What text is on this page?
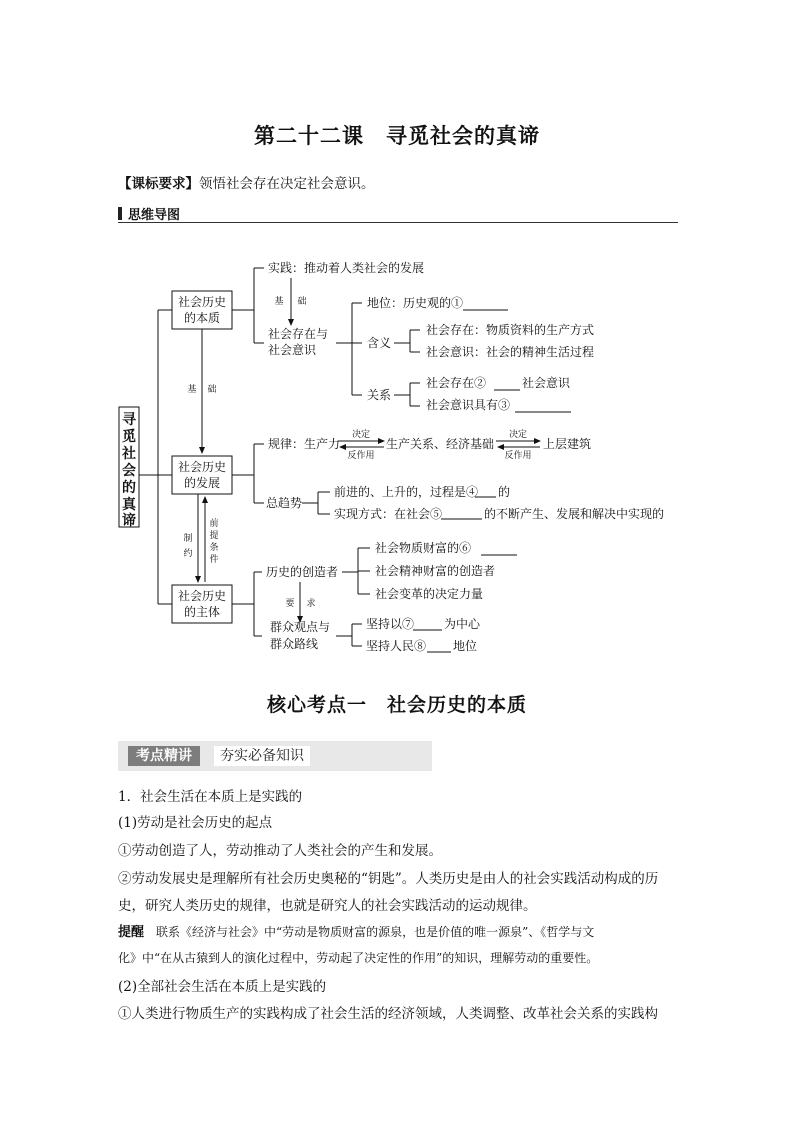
第二十二课　寻觅社会的真谛
【课标要求】领悟社会存在决定社会意识。
思维导图
寻
觅
社
会
的
真
谛
社会历史
的本质
社会历史
的发展
社会历史
的主体
实践：推动着人类社会的发展
基 础
社会存在与
社会意识
地位：历史观的①
含义
社会存在：物质资料的生产方式
社会意识：社会的精神生活过程
关系
社会存在②	社会意识
社会意识具有③
基 础
规律：生产力
决定
反作用
生产关系、经济基础
决定
反作用
上层建筑
总趋势
前进的、上升的，过程是④ 的
实现方式：在社会⑤	的不断产生、发展和解决中实现的
制
约
前
提
条
件
历史的创造者
社会物质财富的⑥
社会精神财富的创造者
社会变革的决定力量
要 求
群众观点与
群众路线
坚持以⑦ 为中心
坚持人民⑧ 地位
核心考点一　社会历史的本质
考点精讲	夯实必备知识
1．社会生活在本质上是实践的
(1)劳动是社会历史的起点
①劳动创造了人，劳动推动了人类社会的产生和发展。
②劳动发展史是理解所有社会历史奥秘的“钥匙”。人类历史是由人的社会实践活动构成的历
史，研究人类历史的规律，也就是研究人的社会实践活动的运动规律。
提醒　 联系《经济与社会》中“劳动是物质财富的源泉，也是价值的唯一源泉”、《哲学与文
化》中“在从古猿到人的演化过程中，劳动起了决定性的作用”的知识，理解劳动的重要性。
(2)全部社会生活在本质上是实践的
①人类进行物质生产的实践构成了社会生活的经济领域，人类调整、改革社会关系的实践构
